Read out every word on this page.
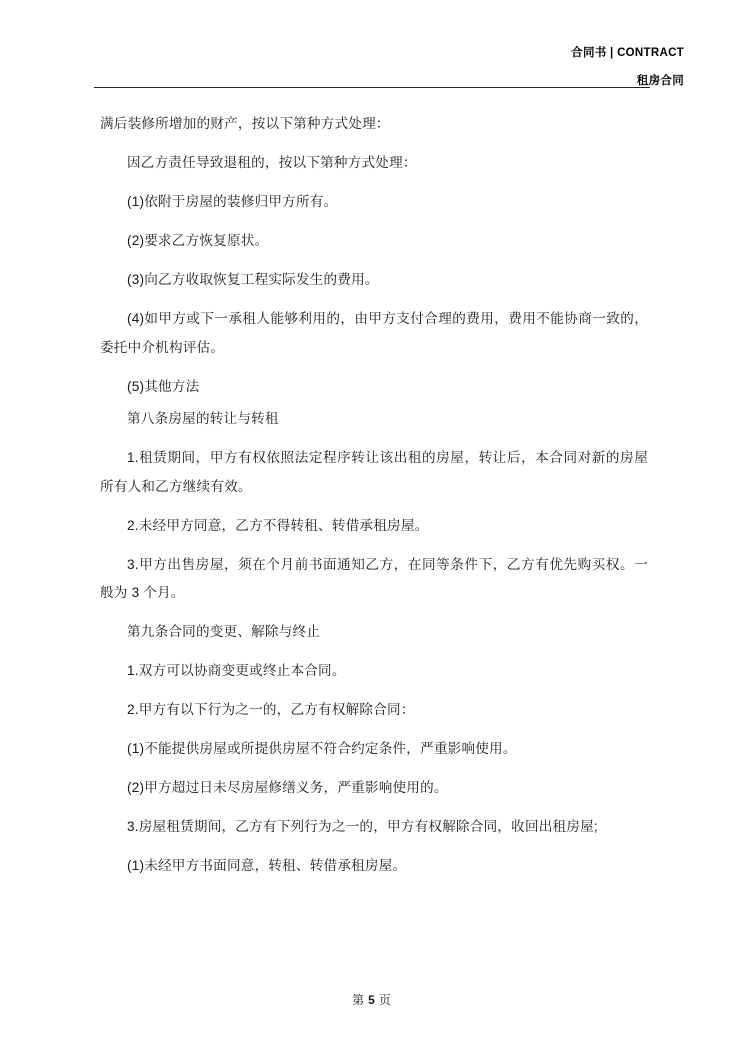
合同书 | CONTRACT
租房合同

满后装修所增加的财产，按以下第种方式处理：

因乙方责任导致退租的，按以下第种方式处理：

(1)依附于房屋的装修归甲方所有。

(2)要求乙方恢复原状。

(3)向乙方收取恢复工程实际发生的费用。

(4)如甲方或下一承租人能够利用的，由甲方支付合理的费用，费用不能协商一致的，委托中介机构评估。

(5)其他方法

第八条房屋的转让与转租

1.租赁期间，甲方有权依照法定程序转让该出租的房屋，转让后，本合同对新的房屋所有人和乙方继续有效。

2.未经甲方同意，乙方不得转租、转借承租房屋。

3.甲方出售房屋，须在个月前书面通知乙方，在同等条件下，乙方有优先购买权。一般为 3 个月。

第九条合同的变更、解除与终止

1.双方可以协商变更或终止本合同。

2.甲方有以下行为之一的，乙方有权解除合同：

(1)不能提供房屋或所提供房屋不符合约定条件，严重影响使用。

(2)甲方超过日未尽房屋修缮义务，严重影响使用的。

3.房屋租赁期间，乙方有下列行为之一的，甲方有权解除合同，收回出租房屋;

(1)未经甲方书面同意，转租、转借承租房屋。

第 5 页
